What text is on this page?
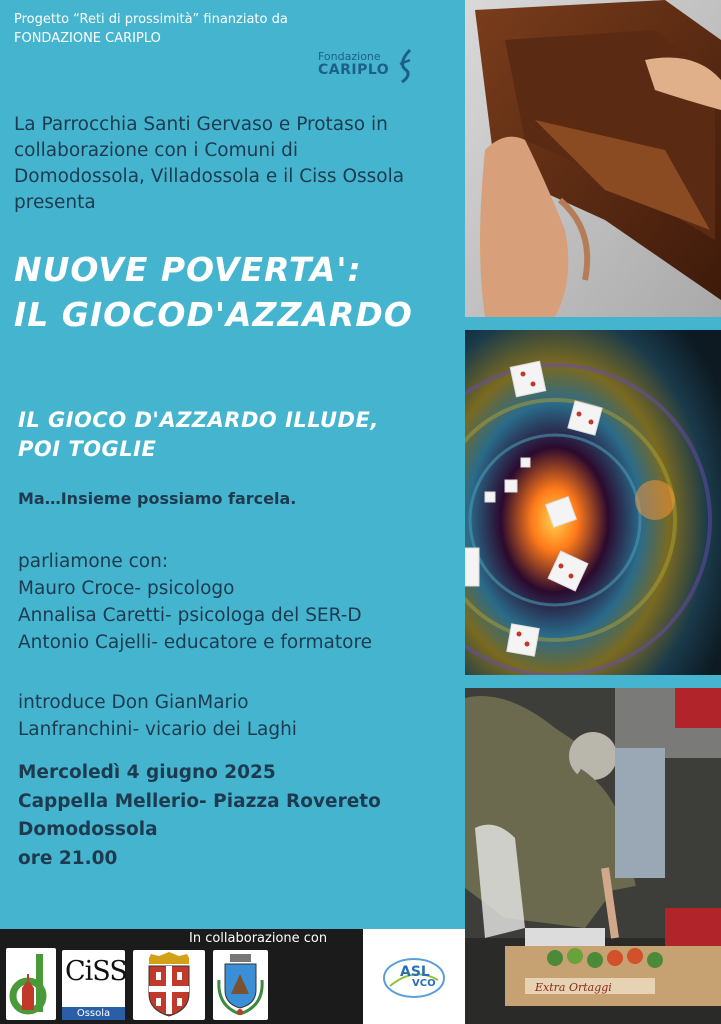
Progetto “Reti di prossimità” finanziato da
FONDAZIONE CARIPLO
Fondazione
CARIPLO
La Parrocchia Santi Gervaso e Protaso in
collaborazione con i Comuni di
Domodossola, Villadossola e il Ciss Ossola
presenta
NUOVE POVERTA':
IL GIOCOD'AZZARDO
IL GIOCO D'AZZARDO ILLUDE,
POI TOGLIE
Ma…Insieme possiamo farcela.
parliamone con:
Mauro Croce- psicologo
Annalisa Caretti- psicologa del SER-D
Antonio Cajelli- educatore e formatore
introduce Don GianMario
Lanfranchini- vicario dei Laghi
Mercoledì 4 giugno 2025
Cappella Mellerio- Piazza Rovereto
Domodossola
ore 21.00
In collaborazione con
CiSS
Ossola
ASL
VCO	Extra Ortaggi
